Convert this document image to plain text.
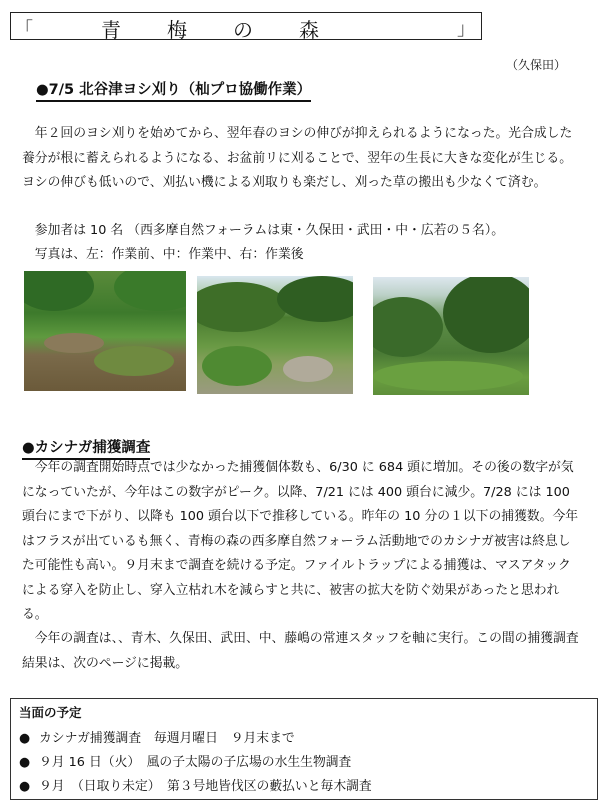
「	青梅の森	」
（久保田）
●7/5 北谷津ヨシ刈り（杣プロ協働作業）
年２回のヨシ刈りを始めてから、翌年春のヨシの伸びが抑えられるようになった。光合成した養分が根に蓄えられるようになる、お盆前リに刈ることで、翌年の生長に大きな変化が生じる。ヨシの伸びも低いので、刈払い機による刈取りも楽だし、刈った草の搬出も少なくて済む。
参加者は 10 名 （西多摩自然フォーラムは東・久保田・武田・中・広若の５名）。
写真は、左：作業前、中：作業中、右：作業後
●カシナガ捕獲調査
今年の調査開始時点では少なかった捕獲個体数も、6/30 に 684 頭に増加。その後の数字が気になっていたが、今年はこの数字がピーク。以降、7/21 には 400 頭台に減少。7/28 には 100 頭台にまで下がり、以降も 100 頭台以下で推移している。昨年の 10 分の１以下の捕獲数。今年はフラスが出ているも無く、青梅の森の西多摩自然フォーラム活動地でのカシナガ被害は終息した可能性も高い。９月末まで調査を続ける予定。ファイルトラップによる捕獲は、マスアタックによる穿入を防止し、穿入立枯れ木を減らすと共に、被害の拡大を防ぐ効果があったと思われる。
今年の調査は、、青木、久保田、武田、中、藤嶋の常連スタッフを軸に実行。この間の捕獲調査結果は、次のページに掲載。
当面の予定
● カシナガ捕獲調査　毎週月曜日　９月末まで
● ９月 16 日（火）　風の子太陽の子広場の水生生物調査
● ９月　（日取り未定）　第３号地皆伐区の藪払いと毎木調査
